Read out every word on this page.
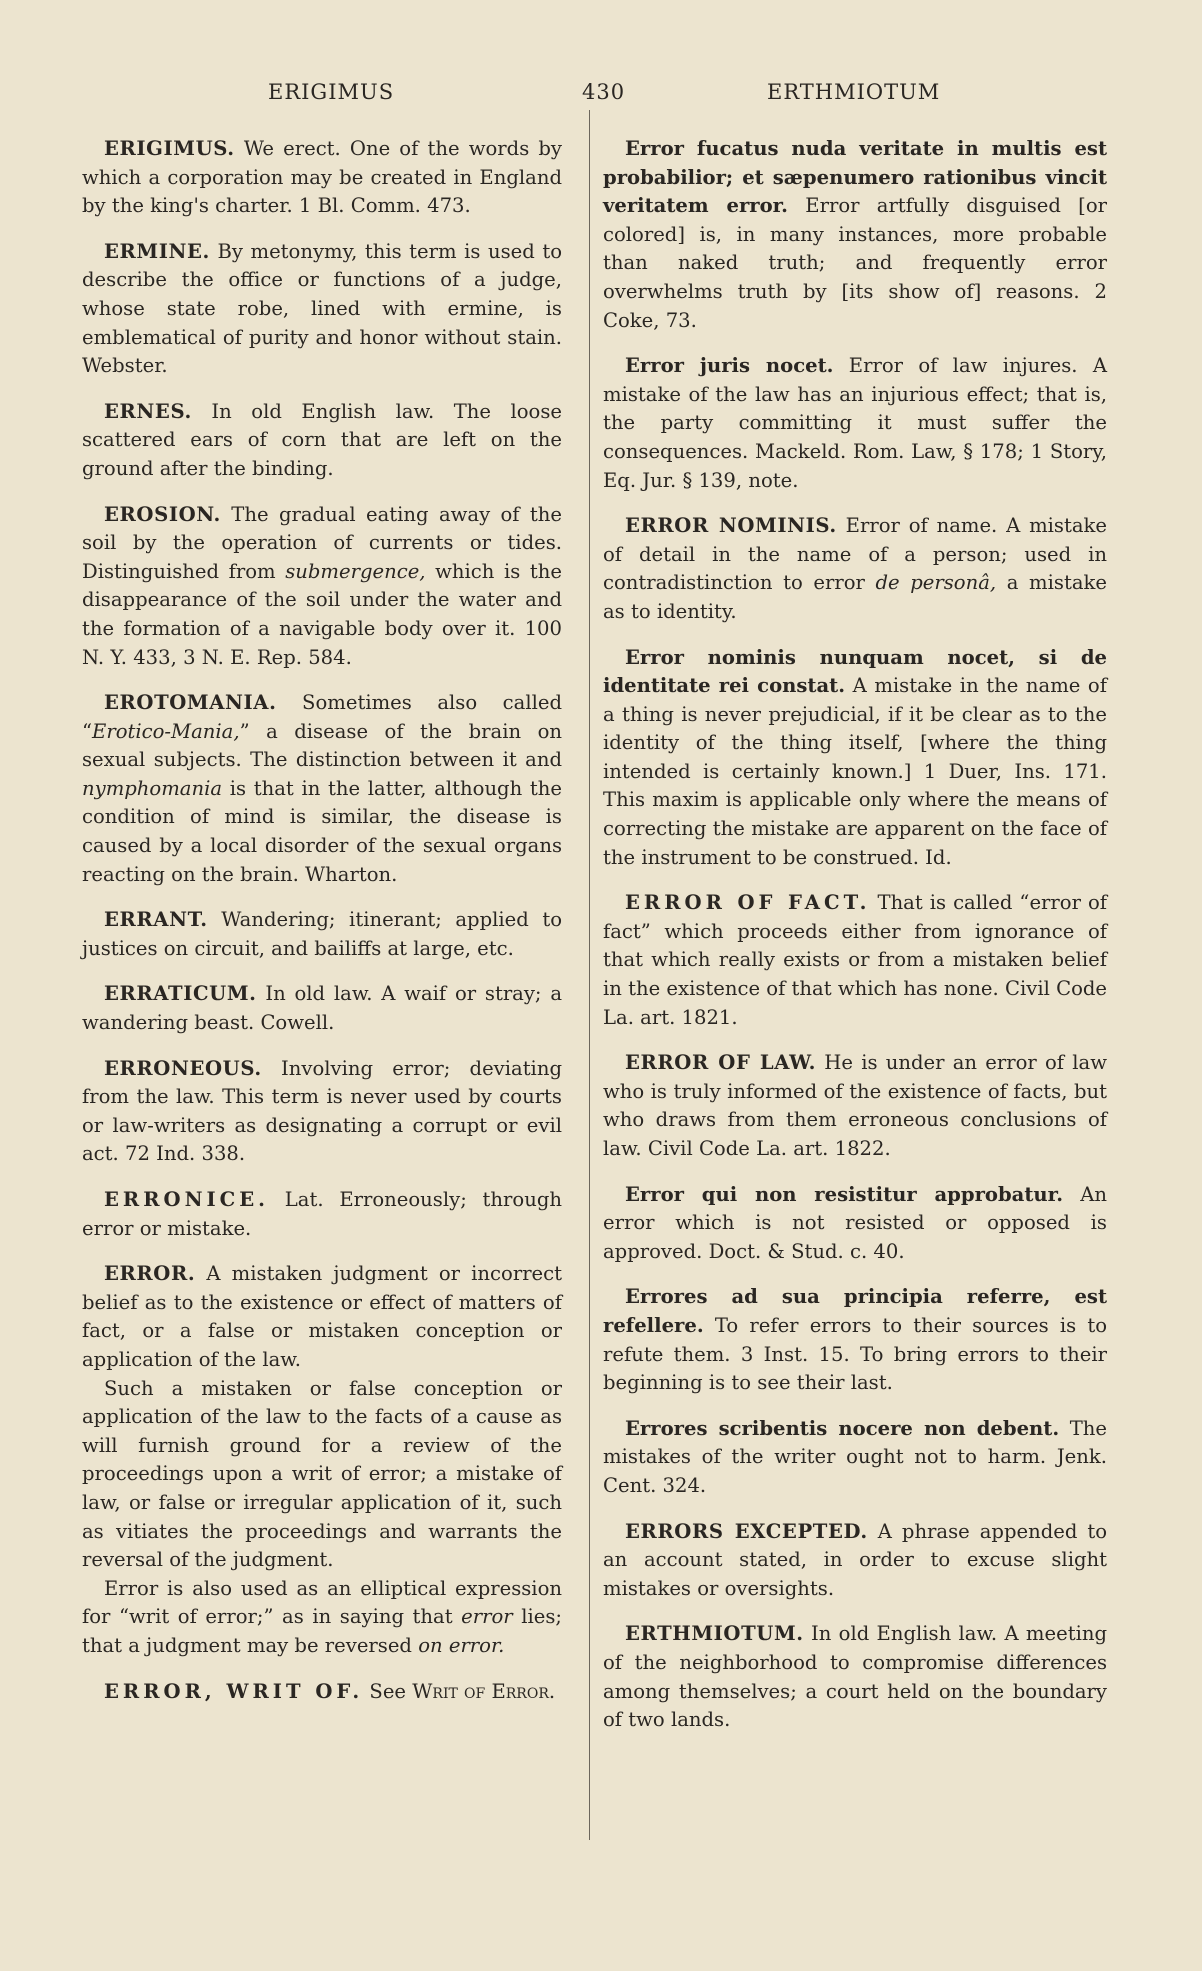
ERIGIMUS	430	ERTHMIOTUM

ERIGIMUS. We erect. One of the words by which a corporation may be created in England by the king's charter. 1 Bl. Comm. 473.

ERMINE. By metonymy, this term is used to describe the office or functions of a judge, whose state robe, lined with ermine, is emblematical of purity and honor without stain. Webster.

ERNES. In old English law. The loose scattered ears of corn that are left on the ground after the binding.

EROSION. The gradual eating away of the soil by the operation of currents or tides. Distinguished from submergence, which is the disappearance of the soil under the water and the formation of a navigable body over it. 100 N. Y. 433, 3 N. E. Rep. 584.

EROTOMANIA. Sometimes also called “Erotico-Mania,” a disease of the brain on sexual subjects. The distinction between it and nymphomania is that in the latter, although the condition of mind is similar, the disease is caused by a local disorder of the sexual organs reacting on the brain. Wharton.

ERRANT. Wandering; itinerant; applied to justices on circuit, and bailiffs at large, etc.

ERRATICUM. In old law. A waif or stray; a wandering beast. Cowell.

ERRONEOUS. Involving error; deviating from the law. This term is never used by courts or law-writers as designating a corrupt or evil act. 72 Ind. 338.

ERRONICE. Lat. Erroneously; through error or mistake.

ERROR. A mistaken judgment or incorrect belief as to the existence or effect of matters of fact, or a false or mistaken conception or application of the law.

Such a mistaken or false conception or application of the law to the facts of a cause as will furnish ground for a review of the proceedings upon a writ of error; a mistake of law, or false or irregular application of it, such as vitiates the proceedings and warrants the reversal of the judgment.

Error is also used as an elliptical expression for “writ of error;” as in saying that error lies; that a judgment may be reversed on error.

ERROR, WRIT OF. See Writ of Error.

Error fucatus nuda veritate in multis est probabilior; et sæpenumero rationibus vincit veritatem error. Error artfully disguised [or colored] is, in many instances, more probable than naked truth; and frequently error overwhelms truth by [its show of] reasons. 2 Coke, 73.

Error juris nocet. Error of law injures. A mistake of the law has an injurious effect; that is, the party committing it must suffer the consequences. Mackeld. Rom. Law, § 178; 1 Story, Eq. Jur. § 139, note.

ERROR NOMINIS. Error of name. A mistake of detail in the name of a person; used in contradistinction to error de personâ, a mistake as to identity.

Error nominis nunquam nocet, si de identitate rei constat. A mistake in the name of a thing is never prejudicial, if it be clear as to the identity of the thing itself, [where the thing intended is certainly known.] 1 Duer, Ins. 171. This maxim is applicable only where the means of correcting the mistake are apparent on the face of the instrument to be construed. Id.

ERROR OF FACT. That is called “error of fact” which proceeds either from ignorance of that which really exists or from a mistaken belief in the existence of that which has none. Civil Code La. art. 1821.

ERROR OF LAW. He is under an error of law who is truly informed of the existence of facts, but who draws from them erroneous conclusions of law. Civil Code La. art. 1822.

Error qui non resistitur approbatur. An error which is not resisted or opposed is approved. Doct. & Stud. c. 40.

Errores ad sua principia referre, est refellere. To refer errors to their sources is to refute them. 3 Inst. 15. To bring errors to their beginning is to see their last.

Errores scribentis nocere non debent. The mistakes of the writer ought not to harm. Jenk. Cent. 324.

ERRORS EXCEPTED. A phrase appended to an account stated, in order to excuse slight mistakes or oversights.

ERTHMIOTUM. In old English law. A meeting of the neighborhood to compromise differences among themselves; a court held on the boundary of two lands.
